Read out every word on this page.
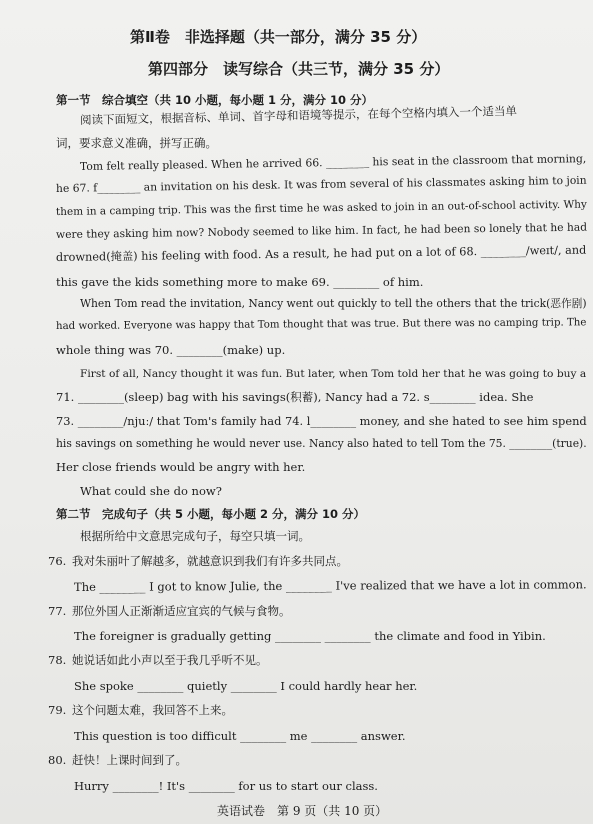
第Ⅱ卷　非选择题（共一部分，满分 35 分）
第四部分　读写综合（共三节，满分 35 分）
第一节　综合填空（共 10 小题，每小题 1 分，满分 10 分）
阅读下面短文，根据音标、单词、首字母和语境等提示，在每个空格内填入一个适当单
词，要求意义准确，拼写正确。
Tom felt really pleased. When he arrived 66. ________ his seat in the classroom that morning,
he 67. f________ an invitation on his desk. It was from several of his classmates asking him to join
them in a camping trip. This was the first time he was asked to join in an out-of-school activity. Why
were they asking him now? Nobody seemed to like him. In fact, he had been so lonely that he had
drowned(掩盖) his feeling with food. As a result, he had put on a lot of 68. ________/weɪt/, and
this gave the kids something more to make 69. ________ of him.
When Tom read the invitation, Nancy went out quickly to tell the others that the trick(恶作剧)
had worked. Everyone was happy that Tom thought that was true. But there was no camping trip. The
whole thing was 70. ________(make) up.
First of all, Nancy thought it was fun. But later, when Tom told her that he was going to buy a
71. ________(sleep) bag with his savings(积蓄), Nancy had a 72. s________ idea. She
73. ________/njuː/ that Tom's family had 74. l________ money, and she hated to see him spend
his savings on something he would never use. Nancy also hated to tell Tom the 75. ________(true).
Her close friends would be angry with her.
What could she do now?
第二节　完成句子（共 5 小题，每小题 2 分，满分 10 分）
根据所给中文意思完成句子，每空只填一词。
76. 我对朱丽叶了解越多，就越意识到我们有许多共同点。
The ________ I got to know Julie, the ________ I've realized that we have a lot in common.
77. 那位外国人正渐渐适应宜宾的气候与食物。
The foreigner is gradually getting ________ ________ the climate and food in Yibin.
78. 她说话如此小声以至于我几乎听不见。
She spoke ________ quietly ________ I could hardly hear her.
79. 这个问题太难，我回答不上来。
This question is too difficult ________ me ________ answer.
80. 赶快！上课时间到了。
Hurry ________! It's ________ for us to start our class.
英语试卷　第 9 页（共 10 页）
